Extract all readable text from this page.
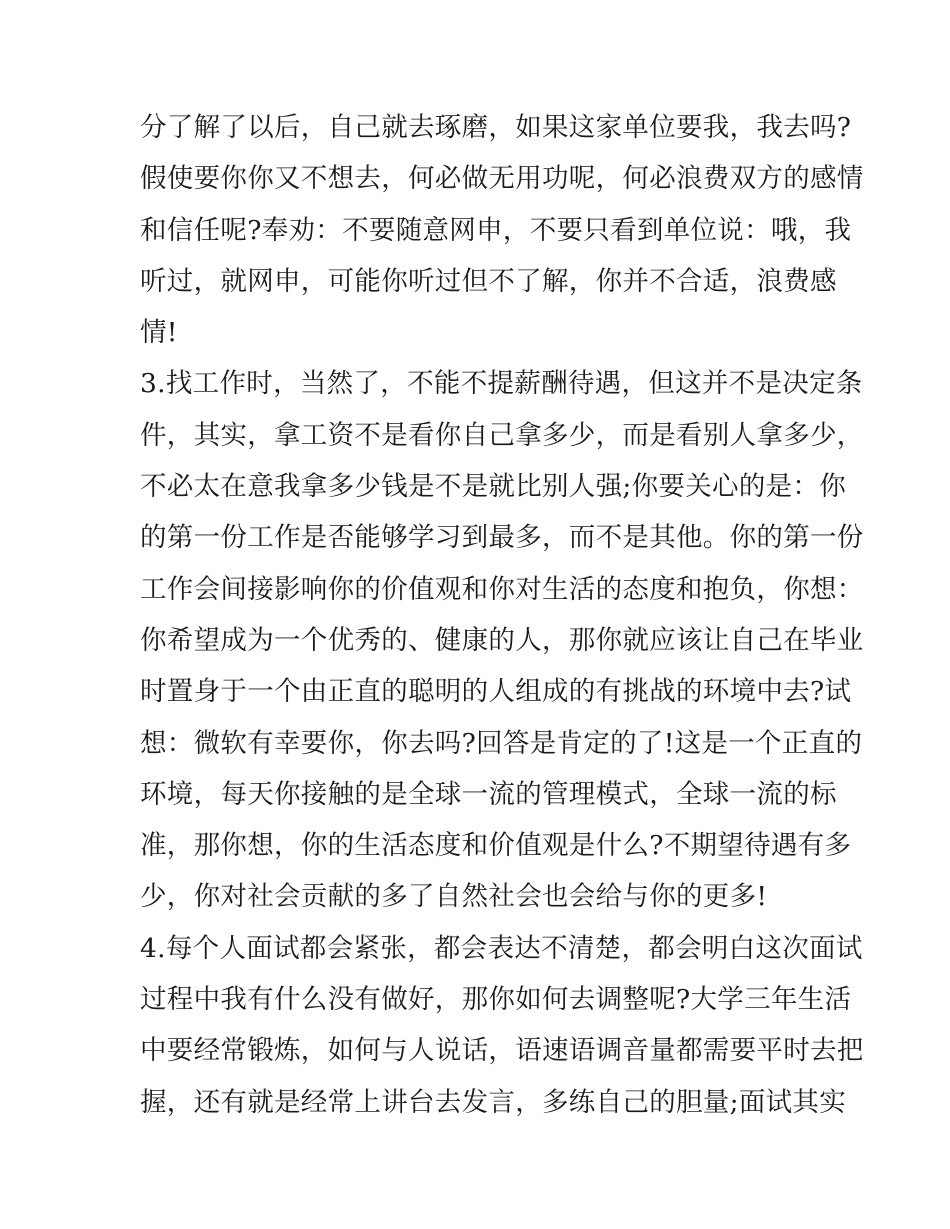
分了解了以后，自己就去琢磨，如果这家单位要我，我去吗?
假使要你你又不想去，何必做无用功呢，何必浪费双方的感情
和信任呢?奉劝：不要随意网申，不要只看到单位说：哦，我
听过，就网申，可能你听过但不了解，你并不合适，浪费感
情!
3.找工作时，当然了，不能不提薪酬待遇，但这并不是决定条
件，其实，拿工资不是看你自己拿多少，而是看别人拿多少，
不必太在意我拿多少钱是不是就比别人强;你要关心的是：你
的第一份工作是否能够学习到最多，而不是其他。你的第一份
工作会间接影响你的价值观和你对生活的态度和抱负，你想：
你希望成为一个优秀的、健康的人，那你就应该让自己在毕业
时置身于一个由正直的聪明的人组成的有挑战的环境中去?试
想：微软有幸要你，你去吗?回答是肯定的了!这是一个正直的
环境，每天你接触的是全球一流的管理模式，全球一流的标
准，那你想，你的生活态度和价值观是什么?不期望待遇有多
少，你对社会贡献的多了自然社会也会给与你的更多!
4.每个人面试都会紧张，都会表达不清楚，都会明白这次面试
过程中我有什么没有做好，那你如何去调整呢?大学三年生活
中要经常锻炼，如何与人说话，语速语调音量都需要平时去把
握，还有就是经常上讲台去发言，多练自己的胆量;面试其实
